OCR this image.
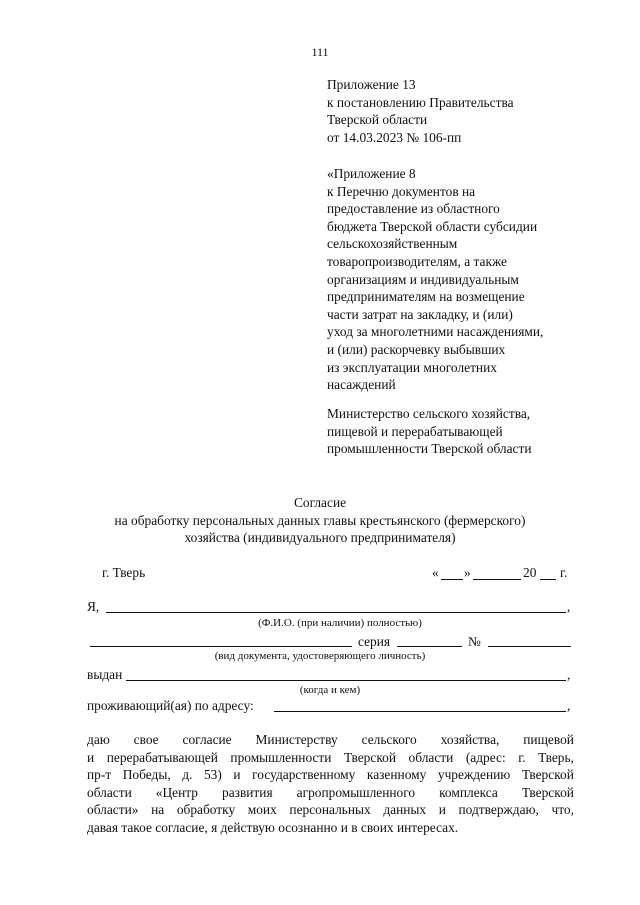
111
Приложение 13
к постановлению Правительства
Тверской области
от 14.03.2023 № 106-пп
«Приложение 8
к Перечню документов на
предоставление из областного
бюджета Тверской области субсидии
сельскохозяйственным
товаропроизводителям, а также
организациям и индивидуальным
предпринимателям на возмещение
части затрат на закладку, и (или)
уход за многолетними насаждениями,
и (или) раскорчевку выбывших
из эксплуатации многолетних
насаждений
Министерство сельского хозяйства,
пищевой и перерабатывающей
промышленности Тверской области
Согласие
на обработку персональных данных главы крестьянского (фермерского)
хозяйства (индивидуального предпринимателя)
г. Тверь	« »	20 г.
Я,	,
(Ф.И.О. (при наличии) полностью)
серия	№
(вид документа, удостоверяющего личность)
выдан	,
(когда и кем)
проживающий(ая) по адресу:	,
даю свое согласие Министерству сельского хозяйства, пищевой
и перерабатывающей промышленности Тверской области (адрес: г. Тверь,
пр-т Победы, д. 53) и государственному казенному учреждению Тверской
области «Центр развития агропромышленного комплекса Тверской
области» на обработку моих персональных данных и подтверждаю, что,
давая такое согласие, я действую осознанно и в своих интересах.
